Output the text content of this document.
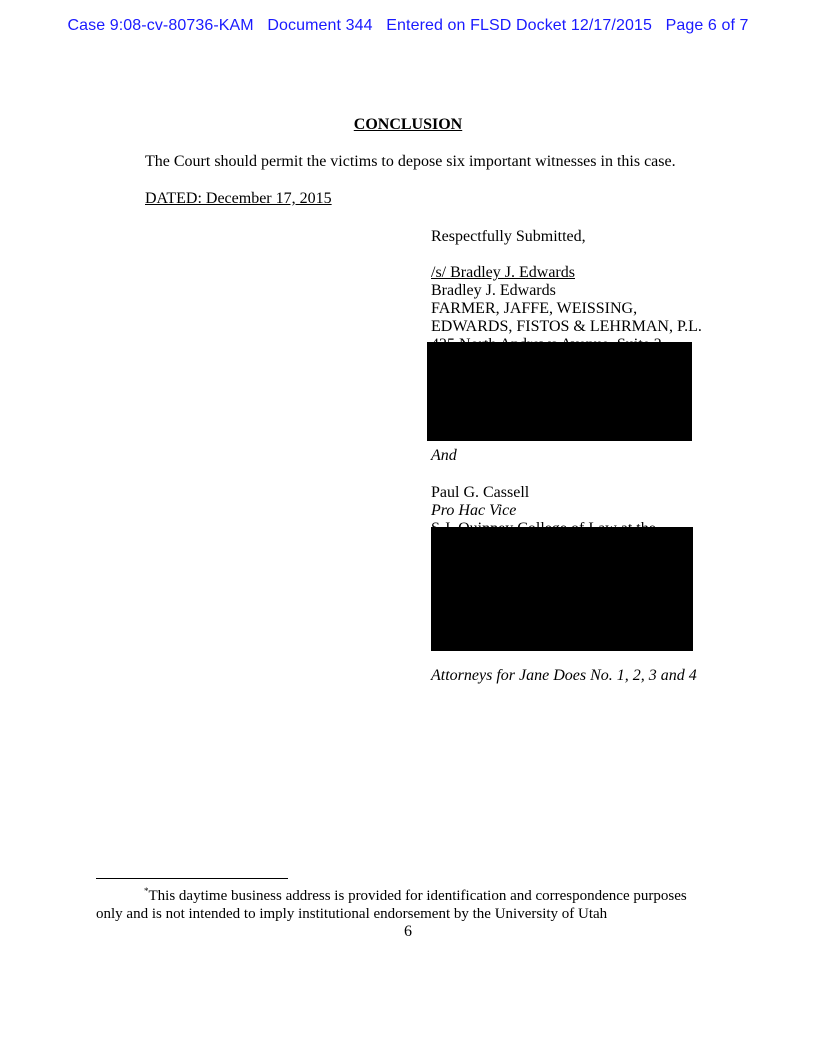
Case 9:08-cv-80736-KAM   Document 344   Entered on FLSD Docket 12/17/2015   Page 6 of 7
CONCLUSION
The Court should permit the victims to depose six important witnesses in this case.
DATED: December 17, 2015
Respectfully Submitted,
/s/ Bradley J. Edwards
Bradley J. Edwards
FARMER, JAFFE, WEISSING,
EDWARDS, FISTOS & LEHRMAN, P.L.
And
Paul G. Cassell
Pro Hac Vice
Attorneys for Jane Does No. 1, 2, 3 and 4
*This daytime business address is provided for identification and correspondence purposes
only and is not intended to imply institutional endorsement by the University of Utah
6
